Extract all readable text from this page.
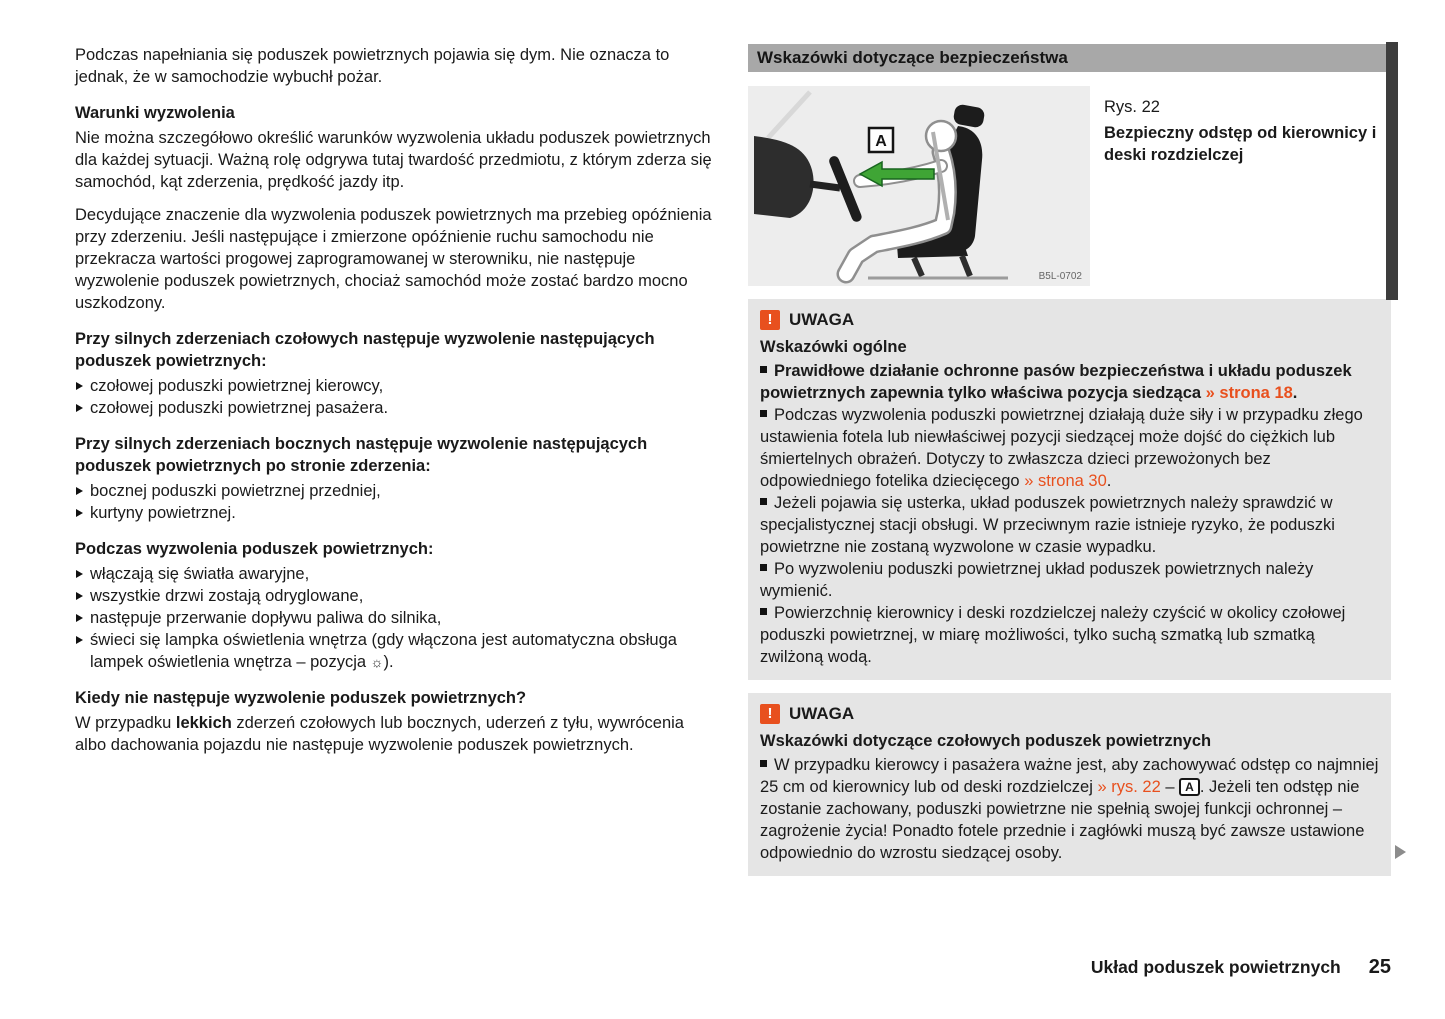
Podczas napełniania się poduszek powietrznych pojawia się dym. Nie oznacza to jednak, że w samochodzie wybuchł pożar.

Warunki wyzwolenia

Nie można szczegółowo określić warunków wyzwolenia układu poduszek powietrznych dla każdej sytuacji. Ważną rolę odgrywa tutaj twardość przedmiotu, z którym zderza się samochód, kąt zderzenia, prędkość jazdy itp.

Decydujące znaczenie dla wyzwolenia poduszek powietrznych ma przebieg opóźnienia przy zderzeniu. Jeśli następujące i zmierzone opóźnienie ruchu samochodu nie przekracza wartości progowej zaprogramowanej w sterowniku, nie następuje wyzwolenie poduszek powietrznych, chociaż samochód może zostać bardzo mocno uszkodzony.

Przy silnych zderzeniach czołowych następuje wyzwolenie następujących poduszek powietrznych:
czołowej poduszki powietrznej kierowcy,
czołowej poduszki powietrznej pasażera.
Przy silnych zderzeniach bocznych następuje wyzwolenie następujących poduszek powietrznych po stronie zderzenia:
bocznej poduszki powietrznej przedniej,
kurtyny powietrznej.
Podczas wyzwolenia poduszek powietrznych:
włączają się światła awaryjne,
wszystkie drzwi zostają odryglowane,
następuje przerwanie dopływu paliwa do silnika,
świeci się lampka oświetlenia wnętrza (gdy włączona jest automatyczna obsługa lampek oświetlenia wnętrza – pozycja ☼).
Kiedy nie następuje wyzwolenie poduszek powietrznych?

W przypadku lekkich zderzeń czołowych lub bocznych, uderzeń z tyłu, wywrócenia albo dachowania pojazdu nie następuje wyzwolenie poduszek powietrznych.

Wskazówki dotyczące bezpieczeństwa
A
B5L-0702
Rys. 22
Bezpieczny odstęp od kierownicy i deski rozdzielczej
! UWAGA
Wskazówki ogólne
Prawidłowe działanie ochronne pasów bezpieczeństwa i układu poduszek powietrznych zapewnia tylko właściwa pozycja siedząca » strona 18.
Podczas wyzwolenia poduszki powietrznej działają duże siły i w przypadku złego ustawienia fotela lub niewłaściwej pozycji siedzącej może dojść do ciężkich lub śmiertelnych obrażeń. Dotyczy to zwłaszcza dzieci przewożonych bez odpowiedniego fotelika dziecięcego » strona 30.
Jeżeli pojawia się usterka, układ poduszek powietrznych należy sprawdzić w specjalistycznej stacji obsługi. W przeciwnym razie istnieje ryzyko, że poduszki powietrzne nie zostaną wyzwolone w czasie wypadku.
Po wyzwoleniu poduszki powietrznej układ poduszek powietrznych należy wymienić.
Powierzchnię kierownicy i deski rozdzielczej należy czyścić w okolicy czołowej poduszki powietrznej, w miarę możliwości, tylko suchą szmatką lub szmatką zwilżoną wodą.
! UWAGA
Wskazówki dotyczące czołowych poduszek powietrznych
W przypadku kierowcy i pasażera ważne jest, aby zachowywać odstęp co najmniej 25 cm od kierownicy lub od deski rozdzielczej » rys. 22 – A . Jeżeli ten odstęp nie zostanie zachowany, poduszki powietrzne nie spełnią swojej funkcji ochronnej – zagrożenie życia! Ponadto fotele przednie i zagłówki muszą być zawsze ustawione odpowiednio do wzrostu siedzącej osoby.
Układ poduszek powietrznych 25
